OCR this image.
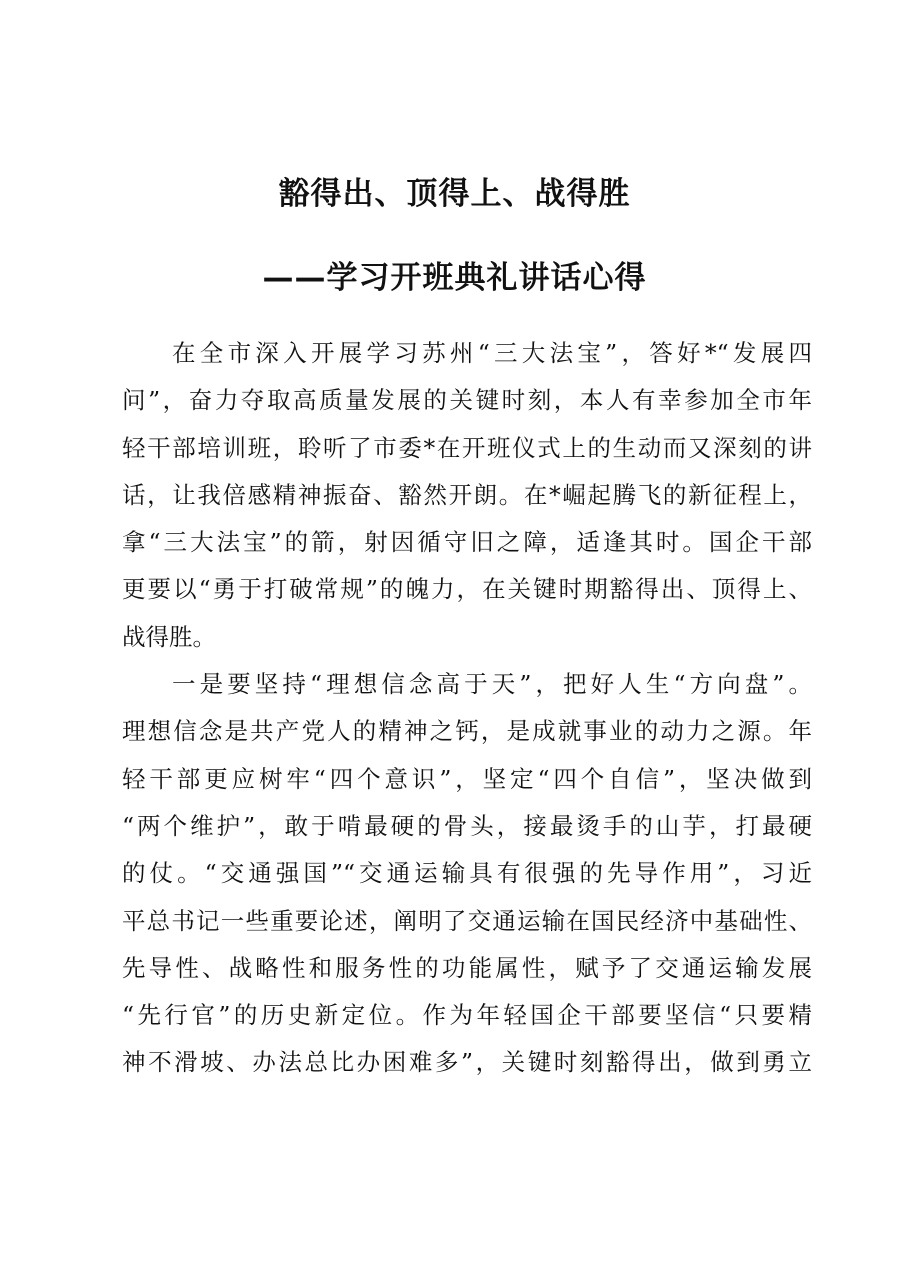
豁得出、顶得上、战得胜
——学习开班典礼讲话心得
在全市深入开展学习苏州“三大法宝”，答好*“发展四
问”，奋力夺取高质量发展的关键时刻，本人有幸参加全市年
轻干部培训班，聆听了市委*在开班仪式上的生动而又深刻的讲
话，让我倍感精神振奋、豁然开朗。在*崛起腾飞的新征程上，
拿“三大法宝”的箭，射因循守旧之障，适逢其时。国企干部
更要以“勇于打破常规”的魄力，在关键时期豁得出、顶得上、
战得胜。
一是要坚持“理想信念高于天”，把好人生“方向盘”。
理想信念是共产党人的精神之钙，是成就事业的动力之源。年
轻干部更应树牢“四个意识”，坚定“四个自信”，坚决做到
“两个维护”，敢于啃最硬的骨头，接最烫手的山芋，打最硬
的仗。“交通强国”“交通运输具有很强的先导作用”，习近
平总书记一些重要论述，阐明了交通运输在国民经济中基础性、
先导性、战略性和服务性的功能属性，赋予了交通运输发展
“先行官”的历史新定位。作为年轻国企干部要坚信“只要精
神不滑坡、办法总比办困难多”，关键时刻豁得出，做到勇立
